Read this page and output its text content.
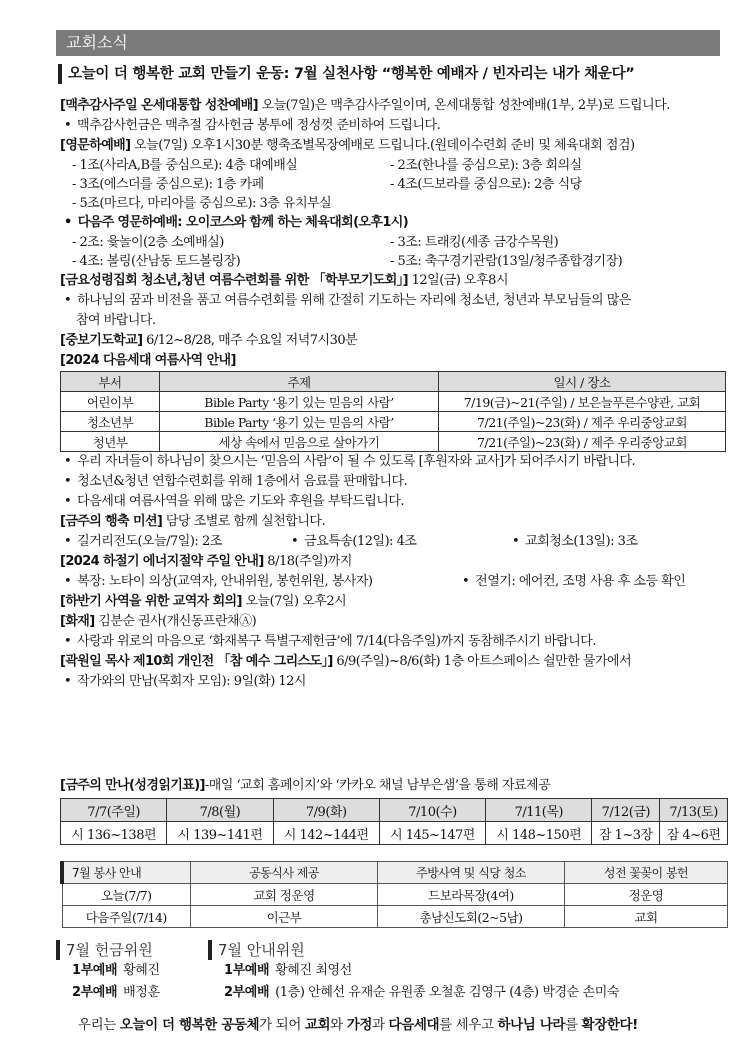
교회소식
오늘이 더 행복한 교회 만들기 운동: 7월 실천사항 “행복한 예배자 / 빈자리는 내가 채운다”
[맥추감사주일 온세대통합 성찬예배] 오늘(7일)은 맥추감사주일이며, 온세대통합 성찬예배(1부, 2부)로 드립니다.
• 맥추감사헌금은 맥추절 감사헌금 봉투에 정성껏 준비하여 드립니다.
[영문하예배] 오늘(7일) 오후1시30분 행축조별목장예배로 드립니다.(원데이수련회 준비 및 체육대회 점검)
- 1조(사라A,B를 중심으로): 4층 대예배실	- 2조(한나를 중심으로): 3층 회의실
- 3조(에스더를 중심으로): 1층 카페	- 4조(드보라를 중심으로): 2층 식당
- 5조(마르다, 마리아를 중심으로): 3층 유치부실
• 다음주 영문하예배: 오이코스와 함께 하는 체육대회(오후1시)
- 2조: 윷놀이(2층 소예배실)	- 3조: 트래킹(세종 금강수목원)
- 4조: 볼링(산남동 토드볼링장)	- 5조: 축구경기관람(13일/청주종합경기장)
[금요성령집회 청소년,청년 여름수련회를 위한 「학부모기도회」] 12일(금) 오후8시
• 하나님의 꿈과 비전을 품고 여름수련회를 위해 간절히 기도하는 자리에 청소년, 청년과 부모님들의 많은
참여 바랍니다.
[중보기도학교] 6/12~8/28, 매주 수요일 저녁7시30분
[2024 다음세대 여름사역 안내]
부서	주제	일시 / 장소
어린이부	Bible Party ‘용기 있는 믿음의 사람’	7/19(금)~21(주일) / 보은늘푸른수양관, 교회
청소년부	Bible Party ‘용기 있는 믿음의 사람’	7/21(주일)~23(화) / 제주 우리중앙교회
청년부	세상 속에서 믿음으로 살아가기	7/21(주일)~23(화) / 제주 우리중앙교회
• 우리 자녀들이 하나님이 찾으시는 ‘믿음의 사람’이 될 수 있도록 [후원자와 교사]가 되어주시기 바랍니다.
• 청소년&청년 연합수련회를 위해 1층에서 음료를 판매합니다.
• 다음세대 여름사역을 위해 많은 기도와 후원을 부탁드립니다.
[금주의 행축 미션] 담당 조별로 함께 실천합니다.
• 길거리전도(오늘/7일): 2조	• 금요특송(12일): 4조	• 교회청소(13일): 3조
[2024 하절기 에너지절약 주일 안내] 8/18(주일)까지
• 복장: 노타이 의상(교역자, 안내위원, 봉헌위원, 봉사자)	• 전열기: 에어컨, 조명 사용 후 소등 확인
[하반기 사역을 위한 교역자 회의] 오늘(7일) 오후2시
[화재] 김분순 권사(개신동프란채Ⓐ)
• 사랑과 위로의 마음으로 ‘화재복구 특별구제헌금’에 7/14(다음주일)까지 동참해주시기 바랍니다.
[곽원일 목사 제10회 개인전 「참 예수 그리스도」] 6/9(주일)~8/6(화) 1층 아트스페이스 쉴만한 물가에서
• 작가와의 만남(목회자 모임): 9일(화) 12시
[금주의 만나(성경읽기표)]-매일 ‘교회 홈페이지’와 ‘카카오 채널 남부은샘’을 통해 자료제공
7/7(주일)	7/8(월)	7/9(화)	7/10(수)	7/11(목)	7/12(금)	7/13(토)
시 136~138편	시 139~141편	시 142~144편	시 145~147편	시 148~150편	잠 1~3장	잠 4~6편
7월 봉사 안내	공동식사 제공	주방사역 및 식당 청소	성전 꽃꽂이 봉헌
오늘(7/7)	교회 정운영	드보라목장(4여)	정운영
다음주일(7/14)	이근부	총남신도회(2~5남)	교회
7월 헌금위원
1부예배 황혜진
2부예배 배정훈
7월 안내위원
1부예배 황혜진 최영선
2부예배 (1층) 안혜선 유재순 유원종 오철훈 김영구 (4층) 박경순 손미숙
우리는 오늘이 더 행복한 공동체가 되어 교회와 가정과 다음세대를 세우고 하나님 나라를 확장한다!
